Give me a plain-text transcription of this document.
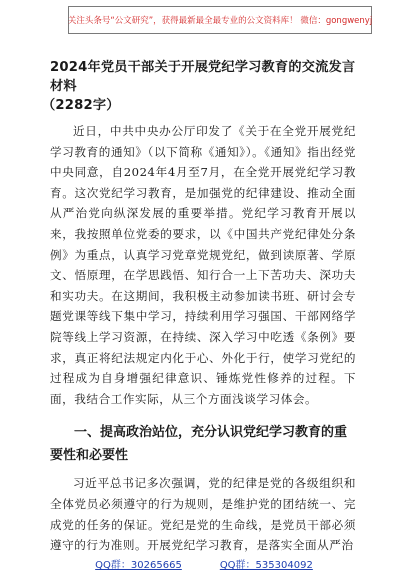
关注头条号“公文研究”，获得最新最全最专业的公文资料库！ 微信：gongwenyj
2024年党员干部关于开展党纪学习教育的交流发言材料
（2282字）

近日，中共中央办公厅印发了《关于在全党开展党纪学习教育的通知》（以下简称《通知》）。《通知》指出经党中央同意，自2024年4月至7月，在全党开展党纪学习教育。这次党纪学习教育，是加强党的纪律建设、推动全面从严治党向纵深发展的重要举措。党纪学习教育开展以来，我按照单位党委的要求，以《中国共产党纪律处分条例》为重点，认真学习党章党规党纪，做到读原著、学原文、悟原理，在学思践悟、知行合一上下苦功夫、深功夫和实功夫。在这期间，我积极主动参加读书班、研讨会专题党课等线下集中学习，持续利用学习强国、干部网络学院等线上学习资源，在持续、深入学习中吃透《条例》要求，真正将纪法规定内化于心、外化于行，使学习党纪的过程成为自身增强纪律意识、锤炼党性修养的过程。下面，我结合工作实际，从三个方面浅谈学习体会。

一、提高政治站位，充分认识党纪学习教育的重要性和必要性

习近平总书记多次强调，党的纪律是党的各级组织和全体党员必须遵守的行为规则，是维护党的团结统一、完成党的任务的保证。党纪是党的生命线，是党员干部必须遵守的行为准则。开展党纪学习教育，是落实全面从严治

QQ群：30265665	QQ群：535304092
